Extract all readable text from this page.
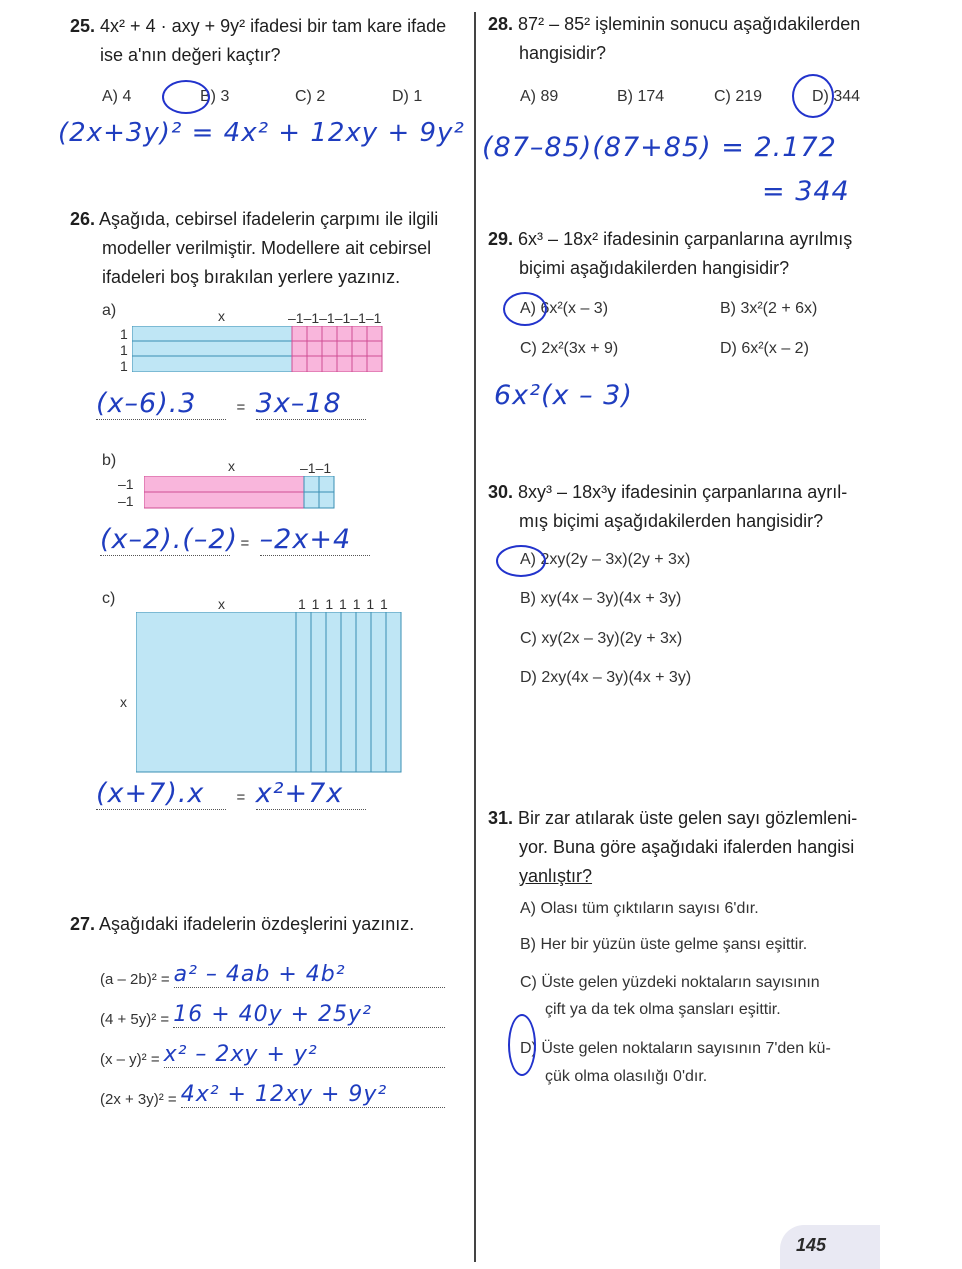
25. 4x² + 4 · axy + 9y² ifadesi bir tam kare ifade
ise a'nın değeri kaçtır?
A) 4	B) 3	C) 2	D) 1
(2x+3y)² = 4x² + 12xy + 9y²
26. Aşağıda, cebirsel ifadelerin çarpımı ile ilgili
modeller verilmiştir. Modellere ait cebirsel
ifadeleri boş bırakılan yerlere yazınız.
a)	x	–1–1–1–1–1–1
1
1
1
(x–6).3	= 3x–18
b)	x	–1–1
–1
–1
(x–2).(–2) = –2x+4
c)	x	1 1 1 1 1 1 1
x
(x+7).x = x²+7x
27. Aşağıdaki ifadelerin özdeşlerini yazınız.
(a – 2b)² = a² – 4ab + 4b²
(4 + 5y)² = 16 + 40y + 25y²
(x – y)² = x² – 2xy + y²
(2x + 3y)² = 4x² + 12xy + 9y²
28. 87² – 85² işleminin sonucu aşağıdakilerden
hangisidir?
A) 89	B) 174	C) 219	D) 344
(87–85)(87+85) = 2.172
= 344
29. 6x³ – 18x² ifadesinin çarpanlarına ayrılmış
biçimi aşağıdakilerden hangisidir?
A) 6x²(x – 3)	B) 3x²(2 + 6x)
C) 2x²(3x + 9)	D) 6x²(x – 2)
6x²(x – 3)
30. 8xy³ – 18x³y ifadesinin çarpanlarına ayrıl-
mış biçimi aşağıdakilerden hangisidir?
A) 2xy(2y – 3x)(2y + 3x)
B) xy(4x – 3y)(4x + 3y)
C) xy(2x – 3y)(2y + 3x)
D) 2xy(4x – 3y)(4x + 3y)
31. Bir zar atılarak üste gelen sayı gözlemleni-
yor. Buna göre aşağıdaki ifalerden hangisi
yanlıştır?
A) Olası tüm çıktıların sayısı 6'dır.
B) Her bir yüzün üste gelme şansı eşittir.
C) Üste gelen yüzdeki noktaların sayısının
çift ya da tek olma şansları eşittir.
D) Üste gelen noktaların sayısının 7'den kü-
çük olma olasılığı 0'dır.
145
